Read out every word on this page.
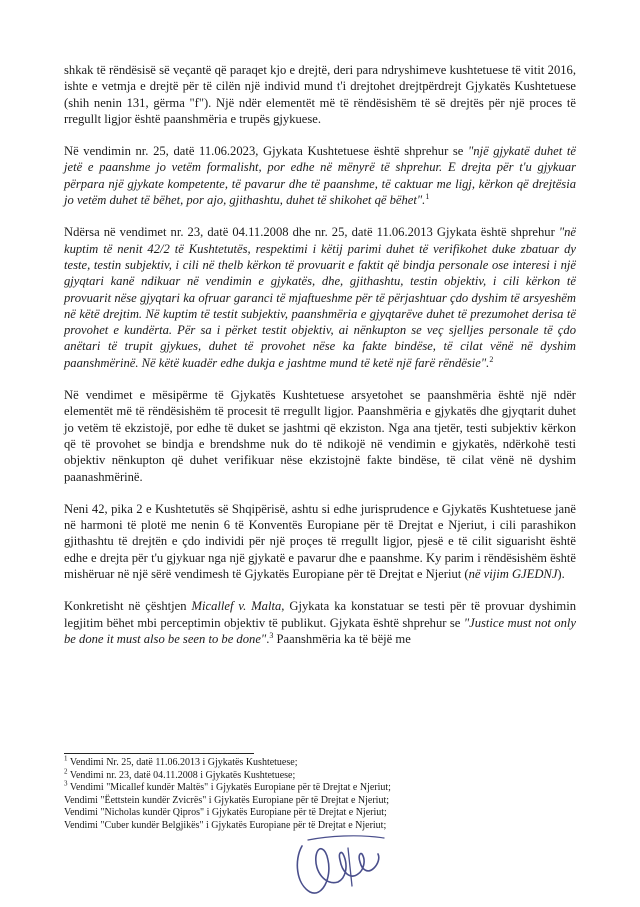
shkak të rëndësisë së veçantë që paraqet kjo e drejtë, deri para ndryshimeve kushtetuese të vitit 2016, ishte e vetmja e drejtë për të cilën një individ mund t'i drejtohet drejtpërdrejt Gjykatës Kushtetuese (shih nenin 131, gërma "f"). Një ndër elementët më të rëndësishëm të së drejtës për një proces të rregullt ligjor është paanshmëria e trupës gjykuese.

Në vendimin nr. 25, datë 11.06.2023, Gjykata Kushtetuese është shprehur se "një gjykatë duhet të jetë e paanshme jo vetëm formalisht, por edhe në mënyrë të shprehur. E drejta për t'u gjykuar përpara një gjykate kompetente, të pavarur dhe të paanshme, të caktuar me ligj, kërkon që drejtësia jo vetëm duhet të bëhet, por ajo, gjithashtu, duhet të shikohet që bëhet".$^1$

Ndërsa në vendimet nr. 23, datë 04.11.2008 dhe nr. 25, datë 11.06.2013 Gjykata është shprehur "në kuptim të nenit 42/2 të Kushtetutës, respektimi i këtij parimi duhet të verifikohet duke zbatuar dy teste, testin subjektiv, i cili në thelb kërkon të provuarit e faktit që bindja personale ose interesi i një gjyqtari kanë ndikuar në vendimin e gjykatës, dhe, gjithashtu, testin objektiv, i cili kërkon të provuarit nëse gjyqtari ka ofruar garanci të mjaftueshme për të përjashtuar çdo dyshim të arsyeshëm në këtë drejtim. Në kuptim të testit subjektiv, paanshmëria e gjyqtarëve duhet të prezumohet derisa të provohet e kundërta. Për sa i përket testit objektiv, ai nënkupton se veç sjelljes personale të çdo anëtari të trupit gjykues, duhet të provohet nëse ka fakte bindëse, të cilat vënë në dyshim paanshmërinë. Në këtë kuadër edhe dukja e jashtme mund të ketë një farë rëndësie".$^2$

Në vendimet e mësipërme të Gjykatës Kushtetuese arsyetohet se paanshmëria është një ndër elementët më të rëndësishëm të procesit të rregullt ligjor. Paanshmëria e gjykatës dhe gjyqtarit duhet jo vetëm të ekzistojë, por edhe të duket se jashtmi që ekziston. Nga ana tjetër, testi subjektiv kërkon që të provohet se bindja e brendshme nuk do të ndikojë në vendimin e gjykatës, ndërkohë testi objektiv nënkupton që duhet verifikuar nëse ekzistojnë fakte bindëse, të cilat vënë në dyshim paanashmërinë.

Neni 42, pika 2 e Kushtetutës së Shqipërisë, ashtu si edhe jurisprudence e Gjykatës Kushtetuese janë në harmoni të plotë me nenin 6 të Konventës Europiane për të Drejtat e Njeriut, i cili parashikon gjithashtu të drejtën e çdo individi për një proçes të rregullt ligjor, pjesë e të cilit siguarisht është edhe e drejta për t'u gjykuar nga një gjykatë e pavarur dhe e paanshme. Ky parim i rëndësishëm është mishëruar në një sërë vendimesh të Gjykatës Europiane për të Drejtat e Njeriut (në vijim GJEDNJ).

Konkretisht në çështjen Micallef v. Malta, Gjykata ka konstatuar se testi për të provuar dyshimin legjitim bëhet mbi perceptimin objektiv të publikut. Gjykata është shprehur se "Justice must not only be done it must also be seen to be done".$^3$ Paanshmëria ka të bëjë me

$^1$ Vendimi Nr. 25, datë 11.06.2013 i Gjykatës Kushtetuese;
$^2$ Vendimi nr. 23, datë 04.11.2008 i Gjykatës Kushtetuese;
$^3$ Vendimi "Micallef kundër Maltës" i Gjykatës Europiane për të Drejtat e Njeriut;
Vendimi "Ëettstein kundër Zvicrës" i Gjykatës Europiane për të Drejtat e Njeriut;
Vendimi "Nicholas kundër Qipros" i Gjykatës Europiane për të Drejtat e Njeriut;
Vendimi "Cuber kundër Belgjikës" i Gjykatës Europiane për të Drejtat e Njeriut;
